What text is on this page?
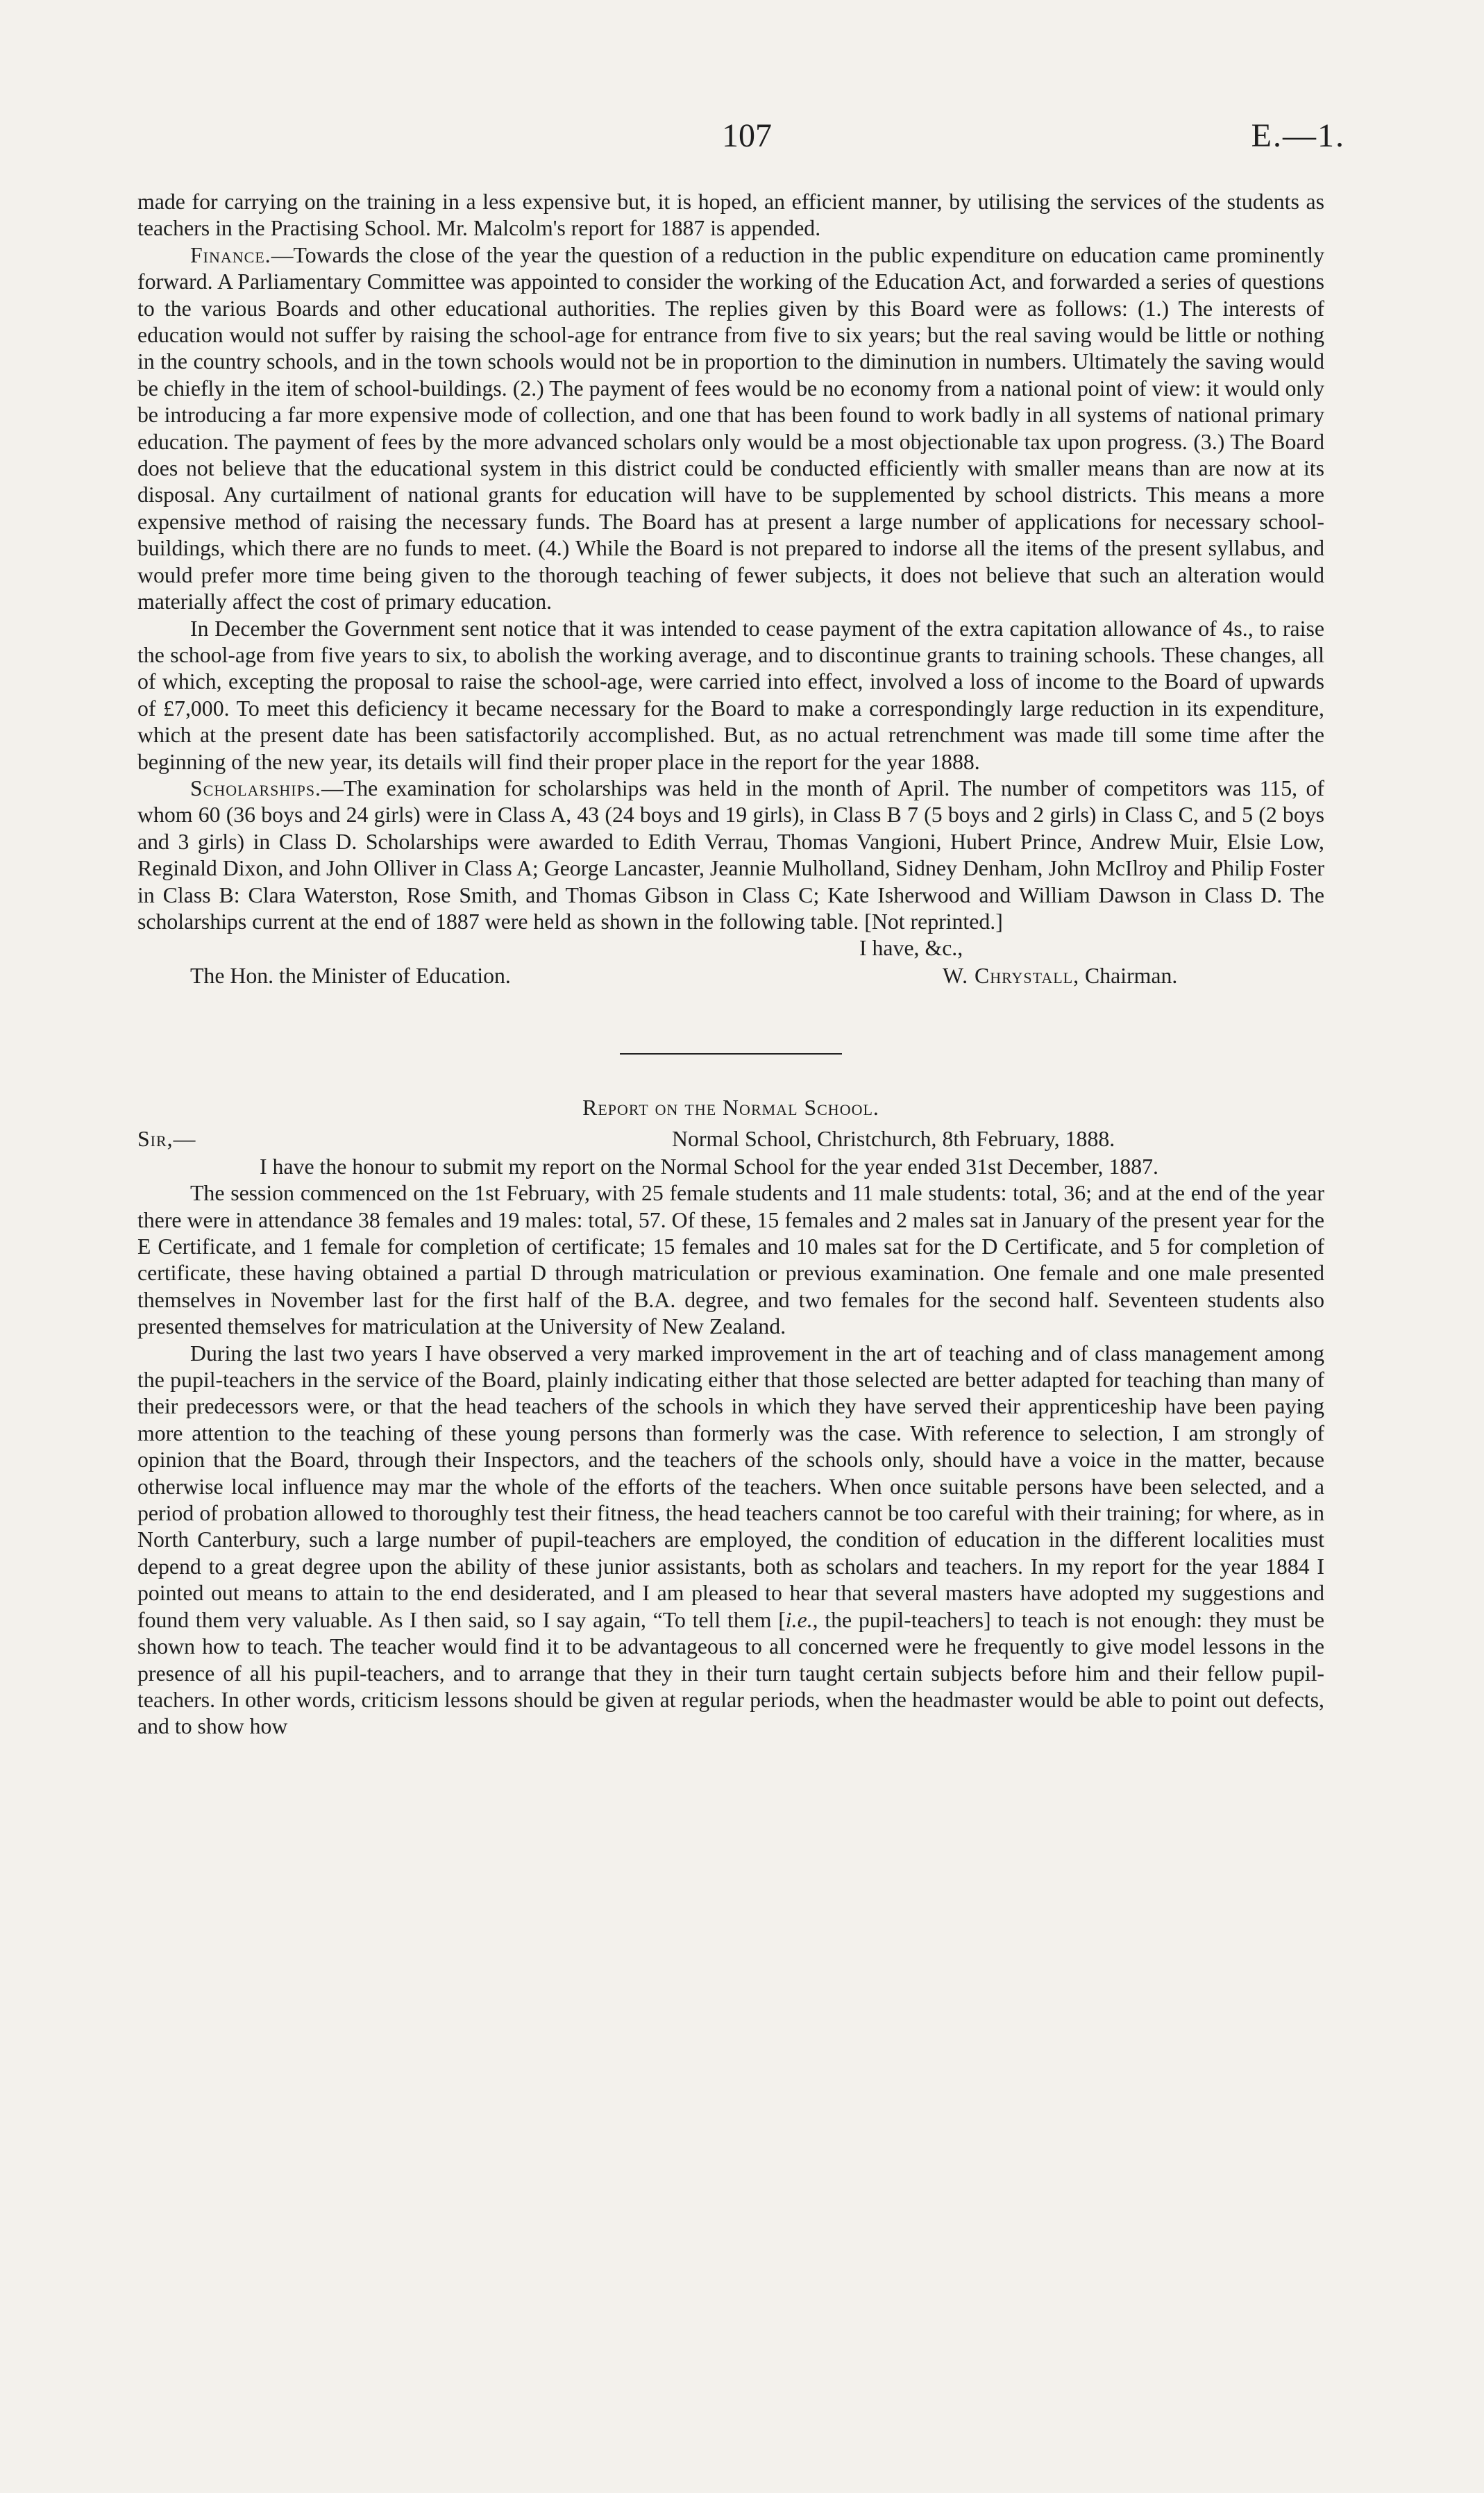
107	E.—1.

made for carrying on the training in a less expensive but, it is hoped, an efficient manner, by utilising the services of the students as teachers in the Practising School. Mr. Malcolm's report for 1887 is appended.

Finance.—Towards the close of the year the question of a reduction in the public expenditure on education came prominently forward. A Parliamentary Committee was appointed to consider the working of the Education Act, and forwarded a series of questions to the various Boards and other educational authorities. The replies given by this Board were as follows: (1.) The interests of education would not suffer by raising the school-age for entrance from five to six years; but the real saving would be little or nothing in the country schools, and in the town schools would not be in proportion to the diminution in numbers. Ultimately the saving would be chiefly in the item of school-buildings. (2.) The payment of fees would be no economy from a national point of view: it would only be introducing a far more expensive mode of collection, and one that has been found to work badly in all systems of national primary education. The payment of fees by the more advanced scholars only would be a most objectionable tax upon progress. (3.) The Board does not believe that the educational system in this district could be conducted efficiently with smaller means than are now at its disposal. Any curtailment of national grants for education will have to be supplemented by school districts. This means a more expensive method of raising the necessary funds. The Board has at present a large number of applications for necessary school-buildings, which there are no funds to meet. (4.) While the Board is not prepared to indorse all the items of the present syllabus, and would prefer more time being given to the thorough teaching of fewer subjects, it does not believe that such an alteration would materially affect the cost of primary education.

In December the Government sent notice that it was intended to cease payment of the extra capitation allowance of 4s., to raise the school-age from five years to six, to abolish the working average, and to discontinue grants to training schools. These changes, all of which, excepting the proposal to raise the school-age, were carried into effect, involved a loss of income to the Board of upwards of £7,000. To meet this deficiency it became necessary for the Board to make a correspondingly large reduction in its expenditure, which at the present date has been satisfactorily accomplished. But, as no actual retrenchment was made till some time after the beginning of the new year, its details will find their proper place in the report for the year 1888.

Scholarships.—The examination for scholarships was held in the month of April. The number of competitors was 115, of whom 60 (36 boys and 24 girls) were in Class A, 43 (24 boys and 19 girls), in Class B 7 (5 boys and 2 girls) in Class C, and 5 (2 boys and 3 girls) in Class D. Scholarships were awarded to Edith Verrau, Thomas Vangioni, Hubert Prince, Andrew Muir, Elsie Low, Reginald Dixon, and John Olliver in Class A; George Lancaster, Jeannie Mulholland, Sidney Denham, John McIlroy and Philip Foster in Class B: Clara Waterston, Rose Smith, and Thomas Gibson in Class C; Kate Isherwood and William Dawson in Class D. The scholarships current at the end of 1887 were held as shown in the following table. [Not reprinted.]

I have, &c.,
The Hon. the Minister of Education.	W. Chrystall, Chairman.
Report on the Normal School.
Sir,—	Normal School, Christchurch, 8th February, 1888.

I have the honour to submit my report on the Normal School for the year ended 31st December, 1887.

The session commenced on the 1st February, with 25 female students and 11 male students: total, 36; and at the end of the year there were in attendance 38 females and 19 males: total, 57. Of these, 15 females and 2 males sat in January of the present year for the E Certificate, and 1 female for completion of certificate; 15 females and 10 males sat for the D Certificate, and 5 for completion of certificate, these having obtained a partial D through matriculation or previous examination. One female and one male presented themselves in November last for the first half of the B.A. degree, and two females for the second half. Seventeen students also presented themselves for matriculation at the University of New Zealand.

During the last two years I have observed a very marked improvement in the art of teaching and of class management among the pupil-teachers in the service of the Board, plainly indicating either that those selected are better adapted for teaching than many of their predecessors were, or that the head teachers of the schools in which they have served their apprenticeship have been paying more attention to the teaching of these young persons than formerly was the case. With reference to selection, I am strongly of opinion that the Board, through their Inspectors, and the teachers of the schools only, should have a voice in the matter, because otherwise local influence may mar the whole of the efforts of the teachers. When once suitable persons have been selected, and a period of probation allowed to thoroughly test their fitness, the head teachers cannot be too careful with their training; for where, as in North Canterbury, such a large number of pupil-teachers are employed, the condition of education in the different localities must depend to a great degree upon the ability of these junior assistants, both as scholars and teachers. In my report for the year 1884 I pointed out means to attain to the end desiderated, and I am pleased to hear that several masters have adopted my suggestions and found them very valuable. As I then said, so I say again, “To tell them [i.e., the pupil-teachers] to teach is not enough: they must be shown how to teach. The teacher would find it to be advantageous to all concerned were he frequently to give model lessons in the presence of all his pupil-teachers, and to arrange that they in their turn taught certain subjects before him and their fellow pupil-teachers. In other words, criticism lessons should be given at regular periods, when the headmaster would be able to point out defects, and to show how
